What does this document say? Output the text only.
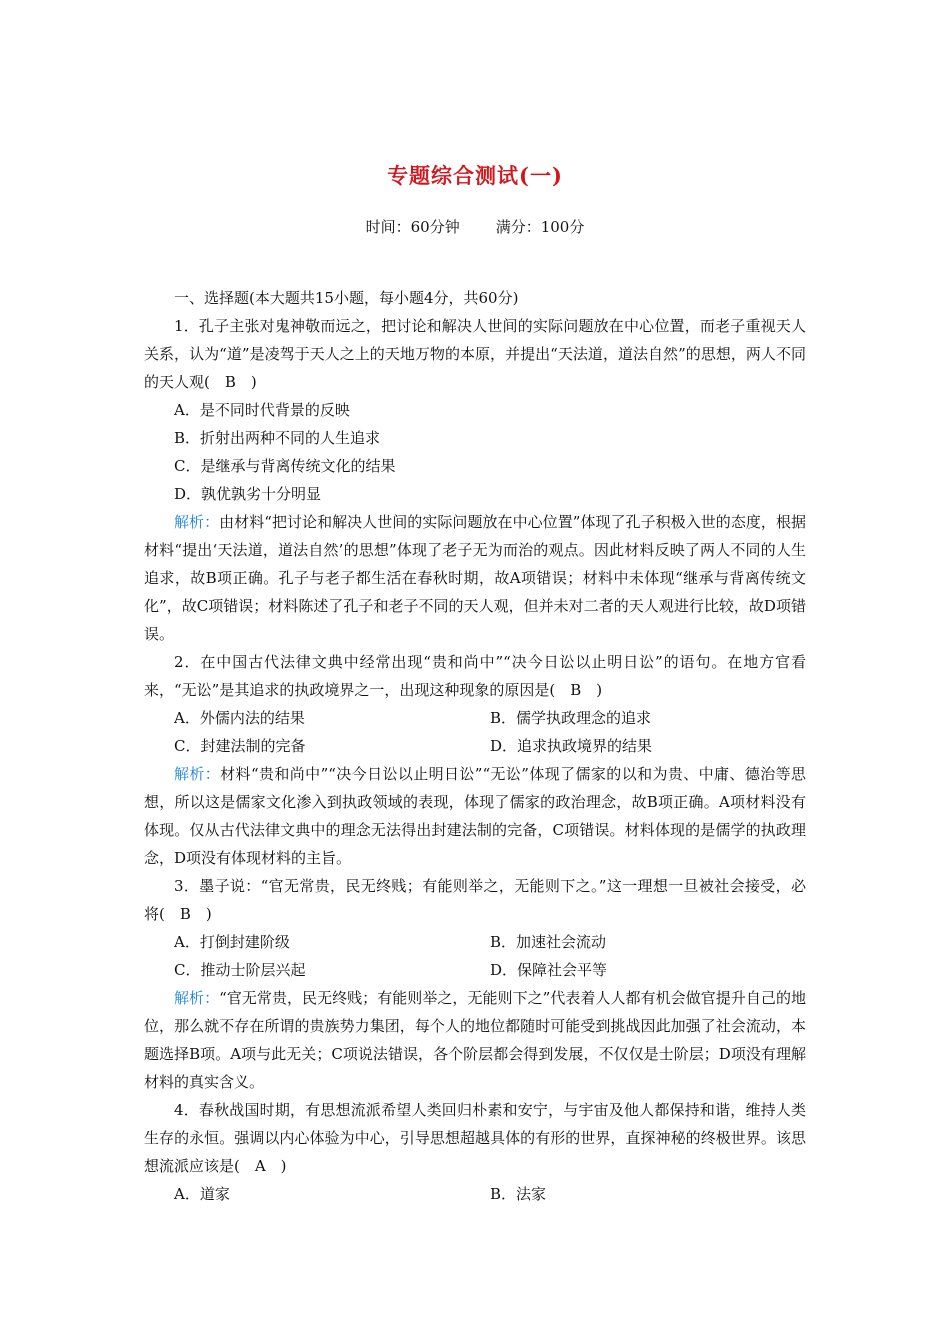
专题综合测试(一)
时间：60分钟 满分：100分

一、选择题(本大题共15小题，每小题4分，共60分)

1．孔子主张对鬼神敬而远之，把讨论和解决人世间的实际问题放在中心位置，而老子重视天人关系，认为“道”是凌驾于天人之上的天地万物的本原，并提出“天法道，道法自然”的思想，两人不同的天人观(　B　)

A．是不同时代背景的反映

B．折射出两种不同的人生追求

C．是继承与背离传统文化的结果

D．孰优孰劣十分明显

解析：由材料“把讨论和解决人世间的实际问题放在中心位置”体现了孔子积极入世的态度，根据材料“提出‘天法道，道法自然’的思想”体现了老子无为而治的观点。因此材料反映了两人不同的人生追求，故B项正确。孔子与老子都生活在春秋时期，故A项错误；材料中未体现“继承与背离传统文化”，故C项错误；材料陈述了孔子和老子不同的天人观，但并未对二者的天人观进行比较，故D项错误。

2．在中国古代法律文典中经常出现“贵和尚中”“决今日讼以止明日讼”的语句。在地方官看来，“无讼”是其追求的执政境界之一，出现这种现象的原因是(　B　)

A．外儒内法的结果	B．儒学执政理念的追求
C．封建法制的完备	D．追求执政境界的结果

解析：材料“贵和尚中”“决今日讼以止明日讼”“无讼”体现了儒家的以和为贵、中庸、德治等思想，所以这是儒家文化渗入到执政领域的表现，体现了儒家的政治理念，故B项正确。A项材料没有体现。仅从古代法律文典中的理念无法得出封建法制的完备，C项错误。材料体现的是儒学的执政理念，D项没有体现材料的主旨。

3．墨子说：“官无常贵，民无终贱；有能则举之，无能则下之。”这一理想一旦被社会接受，必将(　B　)

A．打倒封建阶级	B．加速社会流动
C．推动士阶层兴起	D．保障社会平等

解析：“官无常贵，民无终贱；有能则举之，无能则下之”代表着人人都有机会做官提升自己的地位，那么就不存在所谓的贵族势力集团，每个人的地位都随时可能受到挑战因此加强了社会流动，本题选择B项。A项与此无关；C项说法错误，各个阶层都会得到发展，不仅仅是士阶层；D项没有理解材料的真实含义。

4．春秋战国时期，有思想流派希望人类回归朴素和安宁，与宇宙及他人都保持和谐，维持人类生存的永恒。强调以内心体验为中心，引导思想超越具体的有形的世界，直探神秘的终极世界。该思想流派应该是(　A　)

A．道家	B．法家
